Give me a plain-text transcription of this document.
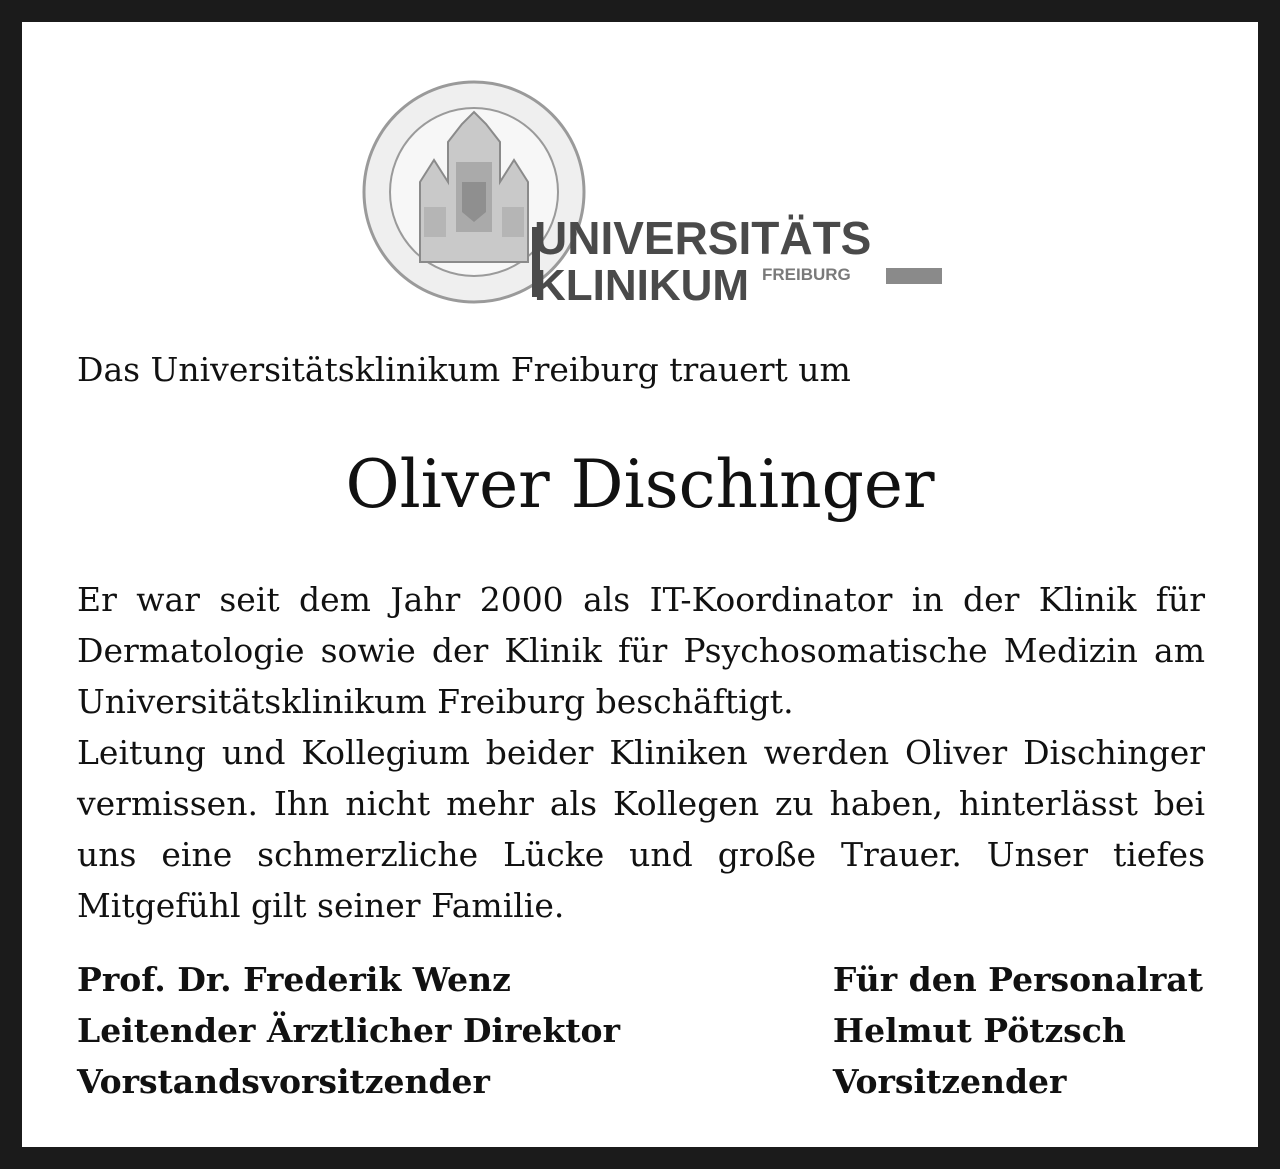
UNIVERSITÄTS
KLINIKUM FREIBURG
Das Universitätsklinikum Freiburg trauert um
Oliver Dischinger

Er war seit dem Jahr 2000 als IT-Koordinator in der Klinik für Dermatologie sowie der Klinik für Psychosomatische Medizin am Universitätsklinikum Freiburg beschäftigt.

Leitung und Kollegium beider Kliniken werden Oliver Dischinger vermissen. Ihn nicht mehr als Kollegen zu haben, hinterlässt bei uns eine schmerzliche Lücke und große Trauer. Unser tiefes Mitgefühl gilt seiner Familie.

Prof. Dr. Frederik Wenz
Leitender Ärztlicher Direktor
Vorstandsvorsitzender
Für den Personalrat
Helmut Pötzsch
Vorsitzender
